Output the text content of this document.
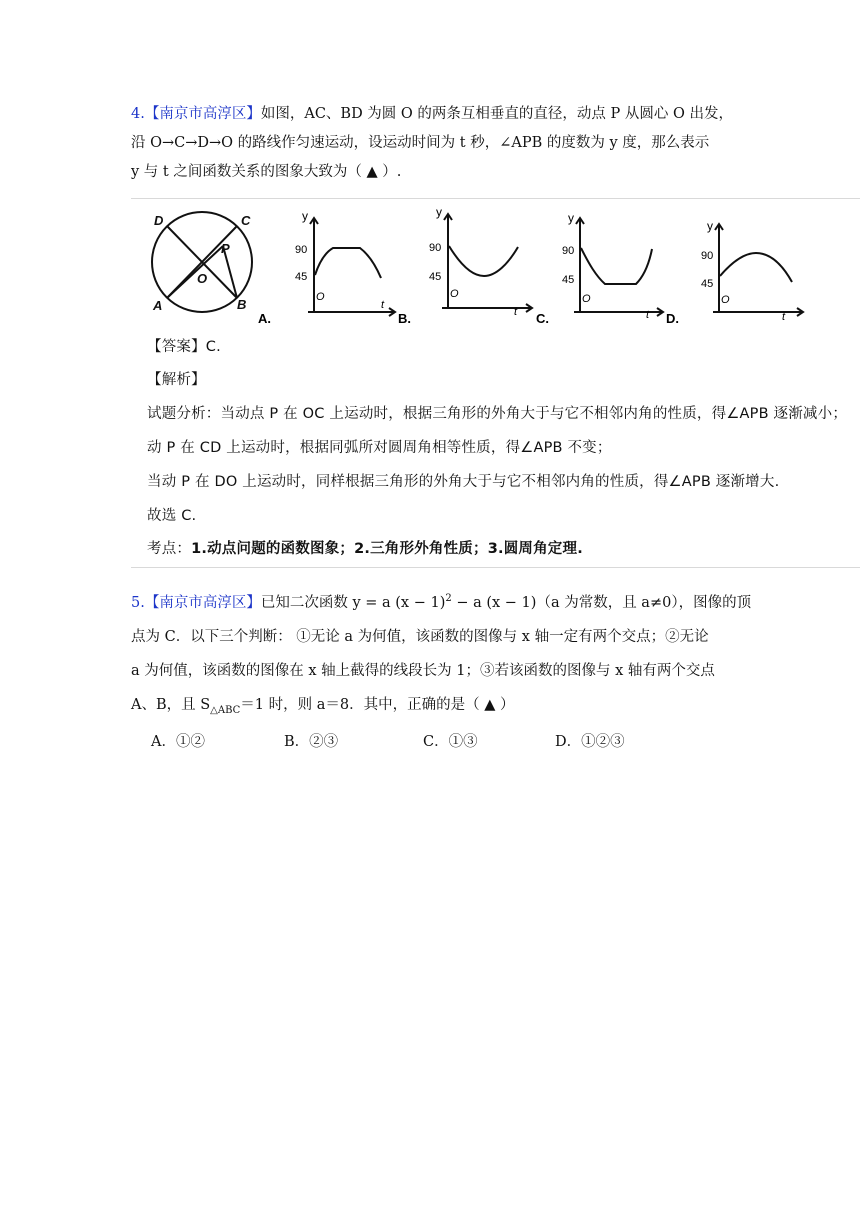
4.【南京市高淳区】如图，AC、BD 为圆 O 的两条互相垂直的直径，动点 P 从圆心 O 出发，
沿 O→C→D→O 的路线作匀速运动，设运动时间为 t 秒，∠APB 的度数为 y 度，那么表示
y 与 t 之间函数关系的图象大致为（ ▲ ）.
D	C
P
O
A	B
A.
y
90
45
O
t
B.
y
90
45
O
t C.
y
90
45
O
t D.
y
90
45
O
t
【答案】C.
【解析】
试题分析：当动点 P 在 OC 上运动时，根据三角形的外角大于与它不相邻内角的性质，得∠APB 逐渐减小；
动 P 在 CD 上运动时，根据同弧所对圆周角相等性质，得∠APB 不变；
当动 P 在 DO 上运动时，同样根据三角形的外角大于与它不相邻内角的性质，得∠APB 逐渐增大.
故选 C.
考点：1.动点问题的函数图象；2.三角形外角性质；3.圆周角定理.
5.【南京市高淳区】已知二次函数 y = a $(x - 1)^2 - a$ (x − 1)（a 为常数，且 a≠0），图像的顶
点为 C．以下三个判断： ①无论 a 为何值，该函数的图像与 x 轴一定有两个交点；②无论
a 为何值，该函数的图像在 x 轴上截得的线段长为 1；③若该函数的图像与 x 轴有两个交点
A、B，且 $S_{\triangle ABC}=1$ 时，则 a＝8．其中，正确的是（ ▲ ）
A．①②	B．②③	C．①③	D．①②③
